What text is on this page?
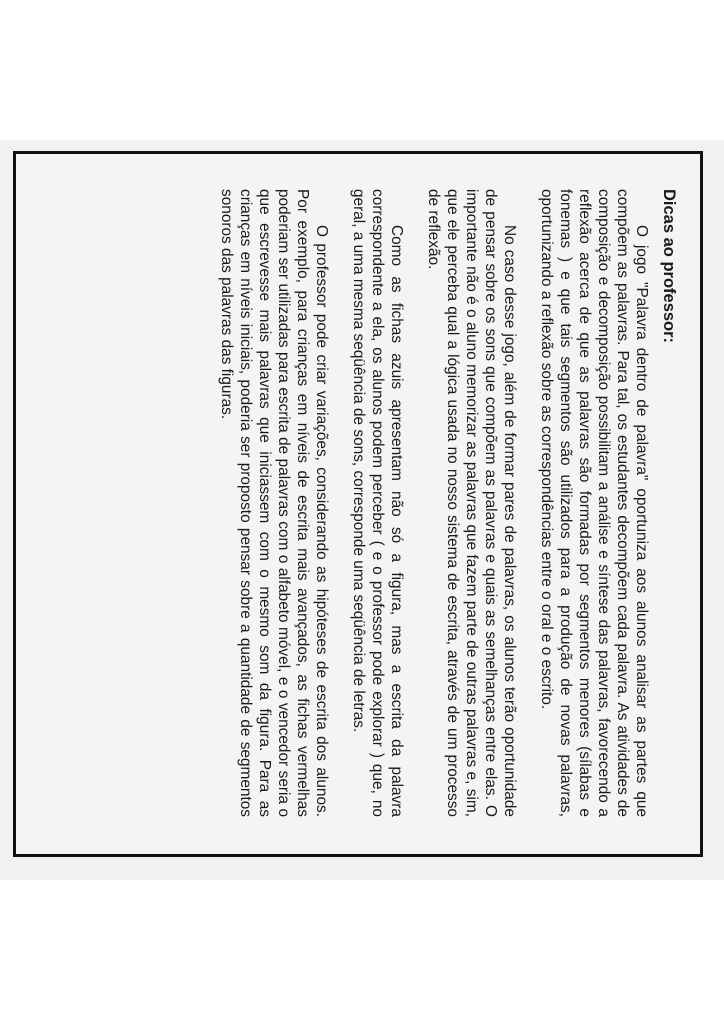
Dicas ao professor:

O jogo "Palavra dentro de palavra" oportuniza aos alunos analisar as partes que compõem as palavras. Para tal, os estudantes decompõem cada palavra. As atividades de composição e decomposição possibilitam a análise e síntese das palavras, favorecendo a reflexão acerca de que as palavras são formadas por segmentos menores (sílabas e fonemas ) e que tais segmentos são utilizados para a produção de novas palavras, oportunizando a reflexão sobre as correspondências entre o oral e o escrito.

No caso desse jogo, além de formar pares de palavras, os alunos terão oportunidade de pensar sobre os sons que compõem as palavras e quais as semelhanças entre elas. O importante não é o aluno memorizar as palavras que fazem parte de outras palavras e, sim, que ele perceba qual a lógica usada no nosso sistema de escrita, através de um processo de reflexão.

Como as fichas azuis apresentam não só a figura, mas a escrita da palavra correspondente a ela, os alunos podem perceber ( e o professor pode explorar ) que, no geral, a uma mesma seqüência de sons, corresponde uma seqüência de letras.

O professor pode criar variações, considerando as hipóteses de escrita dos alunos. Por exemplo, para crianças em níveis de escrita mais avançados, as fichas vermelhas poderiam ser utilizadas para escrita de palavras com o alfabeto móvel, e o vencedor seria o que escrevesse mais palavras que iniciassem com o mesmo som da figura. Para as crianças em níveis iniciais, poderia ser proposto pensar sobre a quantidade de segmentos sonoros das palavras das figuras.
